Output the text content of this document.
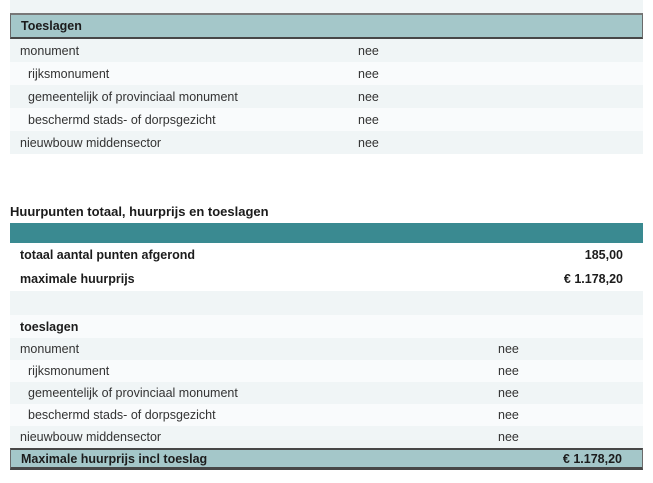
Toeslagen
monument	nee
rijksmonument	nee
gemeentelijk of provinciaal monument	nee
beschermd stads- of dorpsgezicht	nee
nieuwbouw middensector	nee
Huurpunten totaal, huurprijs en toeslagen
totaal aantal punten afgerond	185,00
maximale huurprijs	€ 1.178,20
toeslagen
monument	nee
rijksmonument	nee
gemeentelijk of provinciaal monument	nee
beschermd stads- of dorpsgezicht	nee
nieuwbouw middensector	nee
Maximale huurprijs incl toeslag	€ 1.178,20
